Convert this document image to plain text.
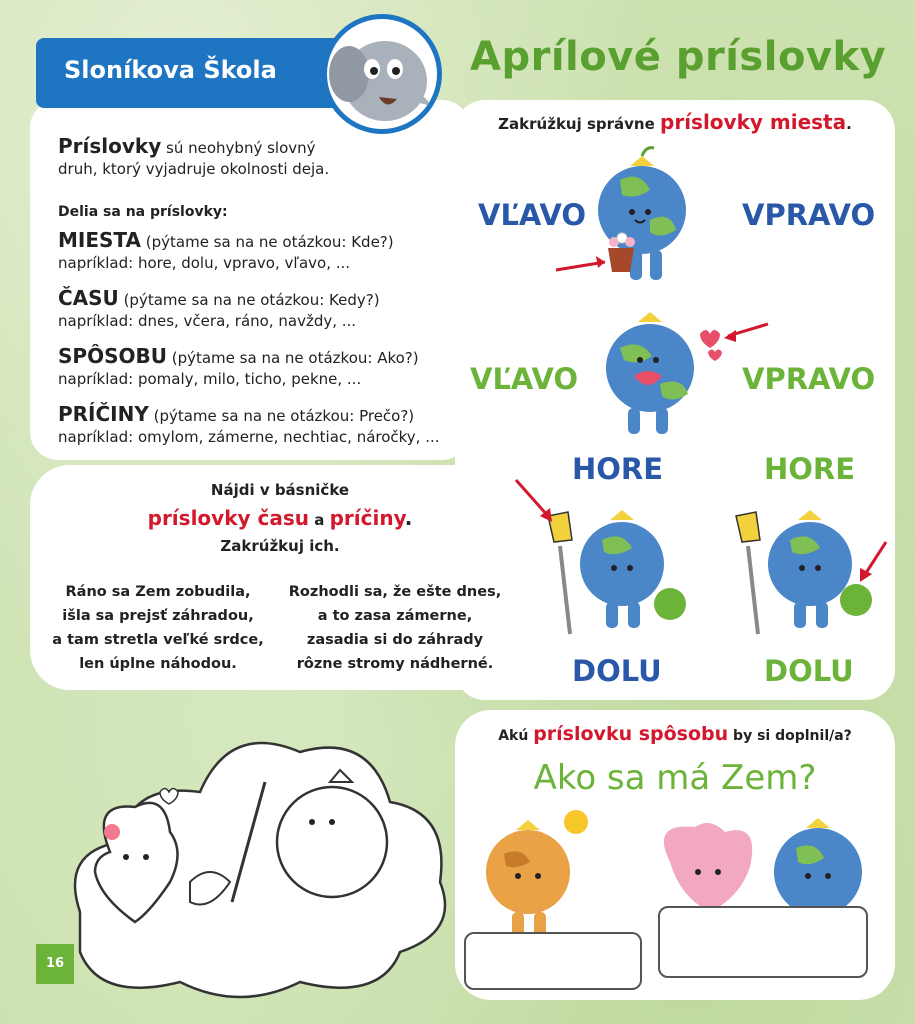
Sloníkova Škola	Aprílové príslovky
Príslovky sú neohybný slovný
druh, ktorý vyjadruje okolnosti deja.
Delia sa na príslovky:
MIESTA (pýtame sa na ne otázkou: Kde?)
napríklad: hore, dolu, vpravo, vľavo, ...
ČASU (pýtame sa na ne otázkou: Kedy?)
napríklad: dnes, včera, ráno, navždy, ...
SPÔSOBU (pýtame sa na ne otázkou: Ako?)
napríklad: pomaly, milo, ticho, pekne, ...
PRÍČINY (pýtame sa na ne otázkou: Prečo?)
napríklad: omylom, zámerne, nechtiac, náročky, ...
Zakrúžkuj správne príslovky miesta.
VĽAVO	VPRAVO
VĽAVO	VPRAVO
HORE	HORE
DOLU	DOLU
Nájdi v básničke
príslovky času a príčiny.
Zakrúžkuj ich.
Ráno sa Zem zobudila,
išla sa prejsť záhradou,
a tam stretla veľké srdce,
len úplne náhodou.
Rozhodli sa, že ešte dnes,
a to zasa zámerne,
zasadia si do záhrady
rôzne stromy nádherné.
Akú príslovku spôsobu by si doplnil/a?
Ako sa má Zem?
16
